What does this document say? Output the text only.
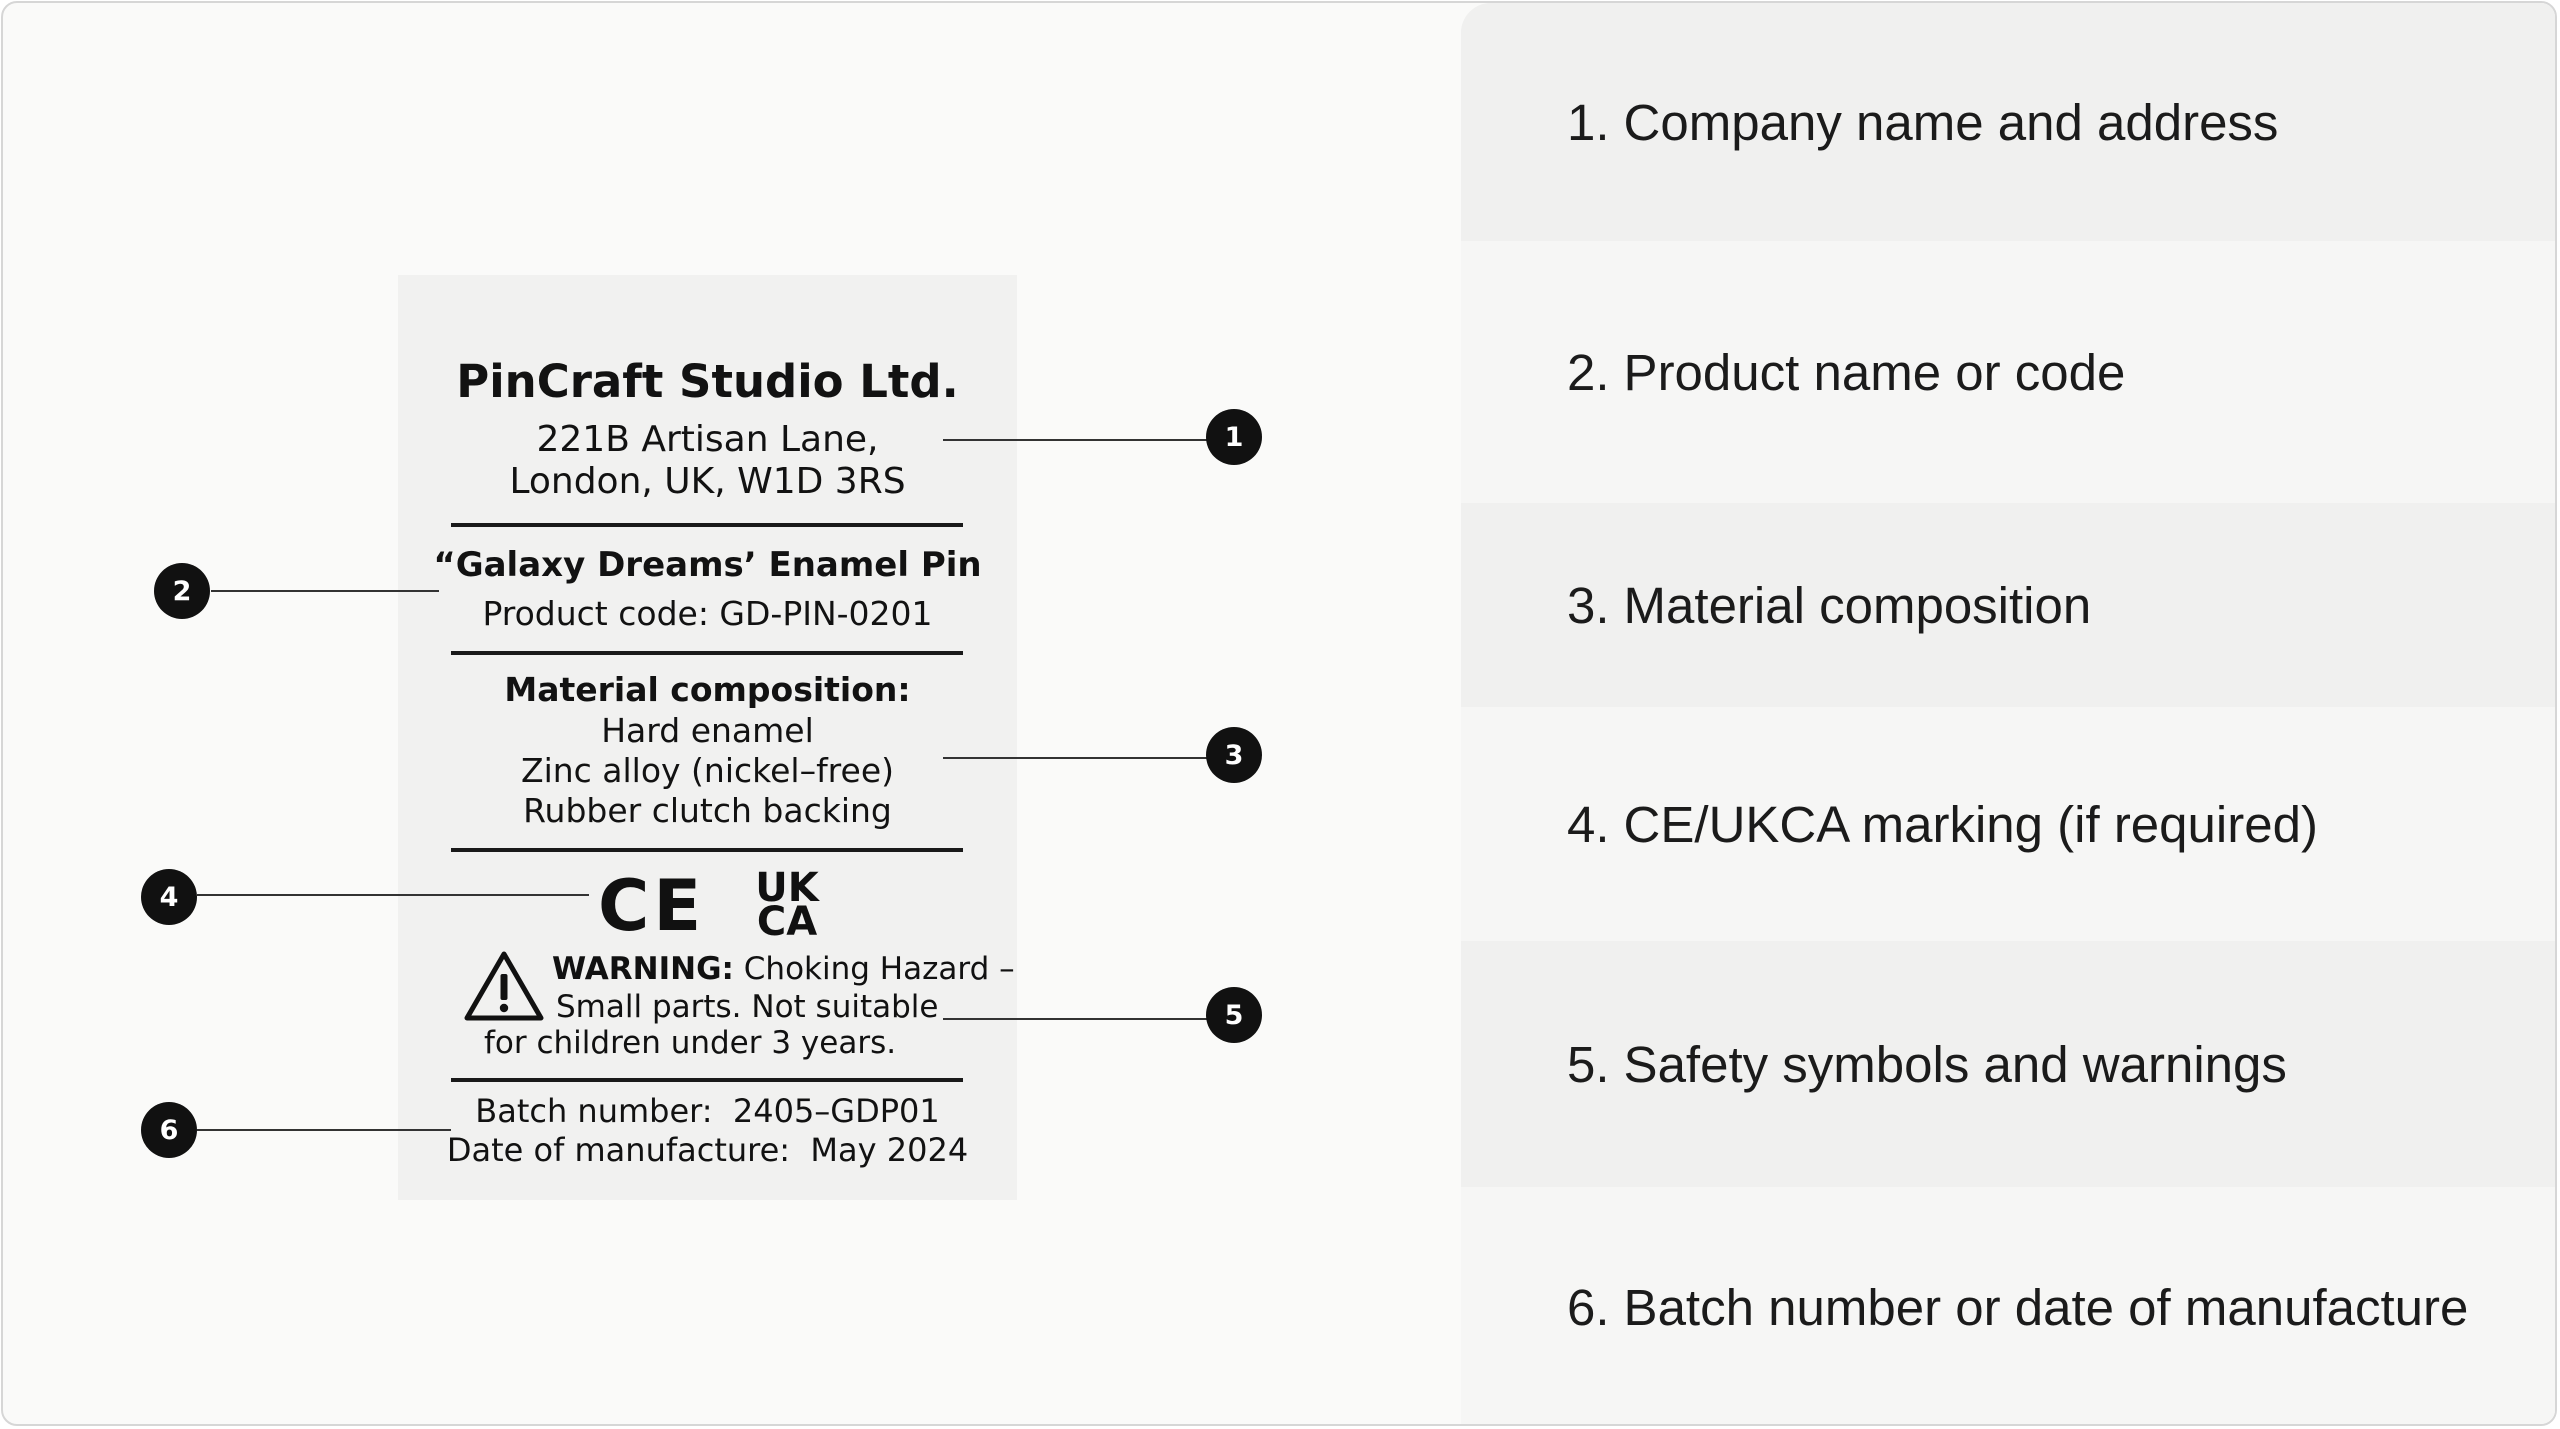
PinCraft Studio Ltd.
221B Artisan Lane,
London, UK, W1D 3RS
“Galaxy Dreams’ Enamel Pin
Product code: GD-PIN-0201
Material composition:
Hard enamel
Zinc alloy (nickel–free)
Rubber clutch backing
CE UK
CA
WARNING: Choking Hazard –
Small parts. Not suitable
for children under 3 years.
Batch number:  2405–GDP01
Date of manufacture:  May 2024
1
2
3
4
5
6
1. Company name and address
2. Product name or code
3. Material composition
4. CE/UKCA marking (if required)
5. Safety symbols and warnings
6. Batch number or date of manufacture
